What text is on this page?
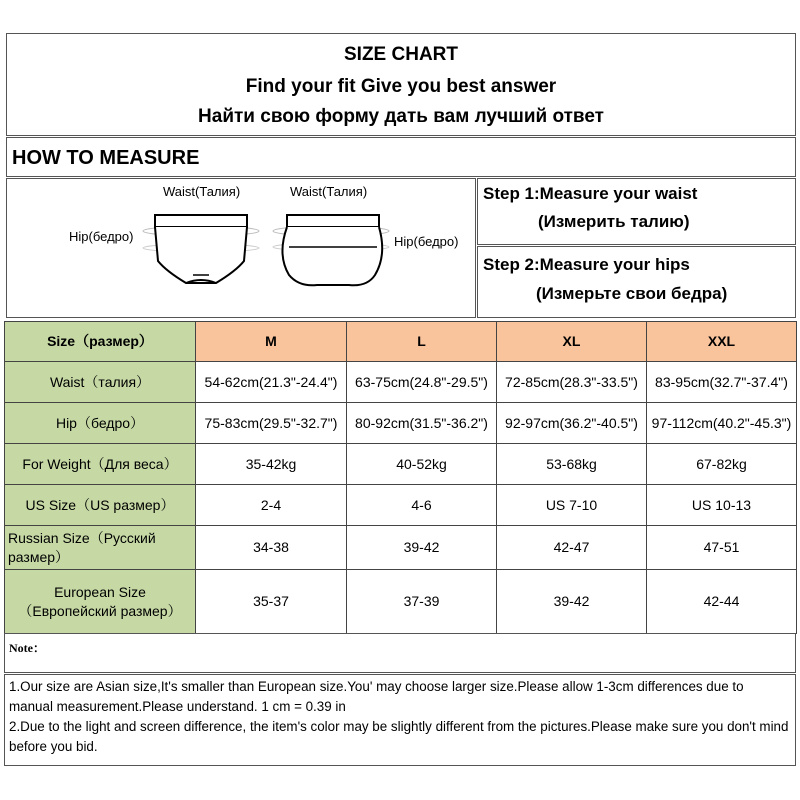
SIZE CHART
Find your fit Give you best answer
Найти свою форму дать вам лучший ответ
HOW TO MEASURE
Waist(Талия)	Waist(Талия)
Hip(бедро)	Hip(бедро)
Step 1:Measure your waist
(Измерить талию)
Step 2:Measure your hips
(Измерьте свои бедра)
Size（размер）	M	L	XL	XXL
Waist（талия）	54-62cm(21.3"-24.4")	63-75cm(24.8"-29.5")	72-85cm(28.3"-33.5")	83-95cm(32.7"-37.4")
Hip（бедро）	75-83cm(29.5"-32.7")	80-92cm(31.5"-36.2")	92-97cm(36.2"-40.5")	97-112cm(40.2"-45.3")
For Weight（Для веса）	35-42kg	40-52kg	53-68kg	67-82kg
US Size（US размер）	2-4	4-6	US 7-10	US 10-13
Russian Size（Русский размер）	34-38	39-42	42-47	47-51
European Size（Европейский размер）	35-37	37-39	39-42	42-44
Note：

1.Our size are Asian size,It's smaller than European size.You' may choose larger size.Please allow 1-3cm differences due to manual measurement.Please understand. 1 cm = 0.39 in

2.Due to the light and screen difference, the item's color may be slightly different from the pictures.Please make sure you don't mind before you bid.
